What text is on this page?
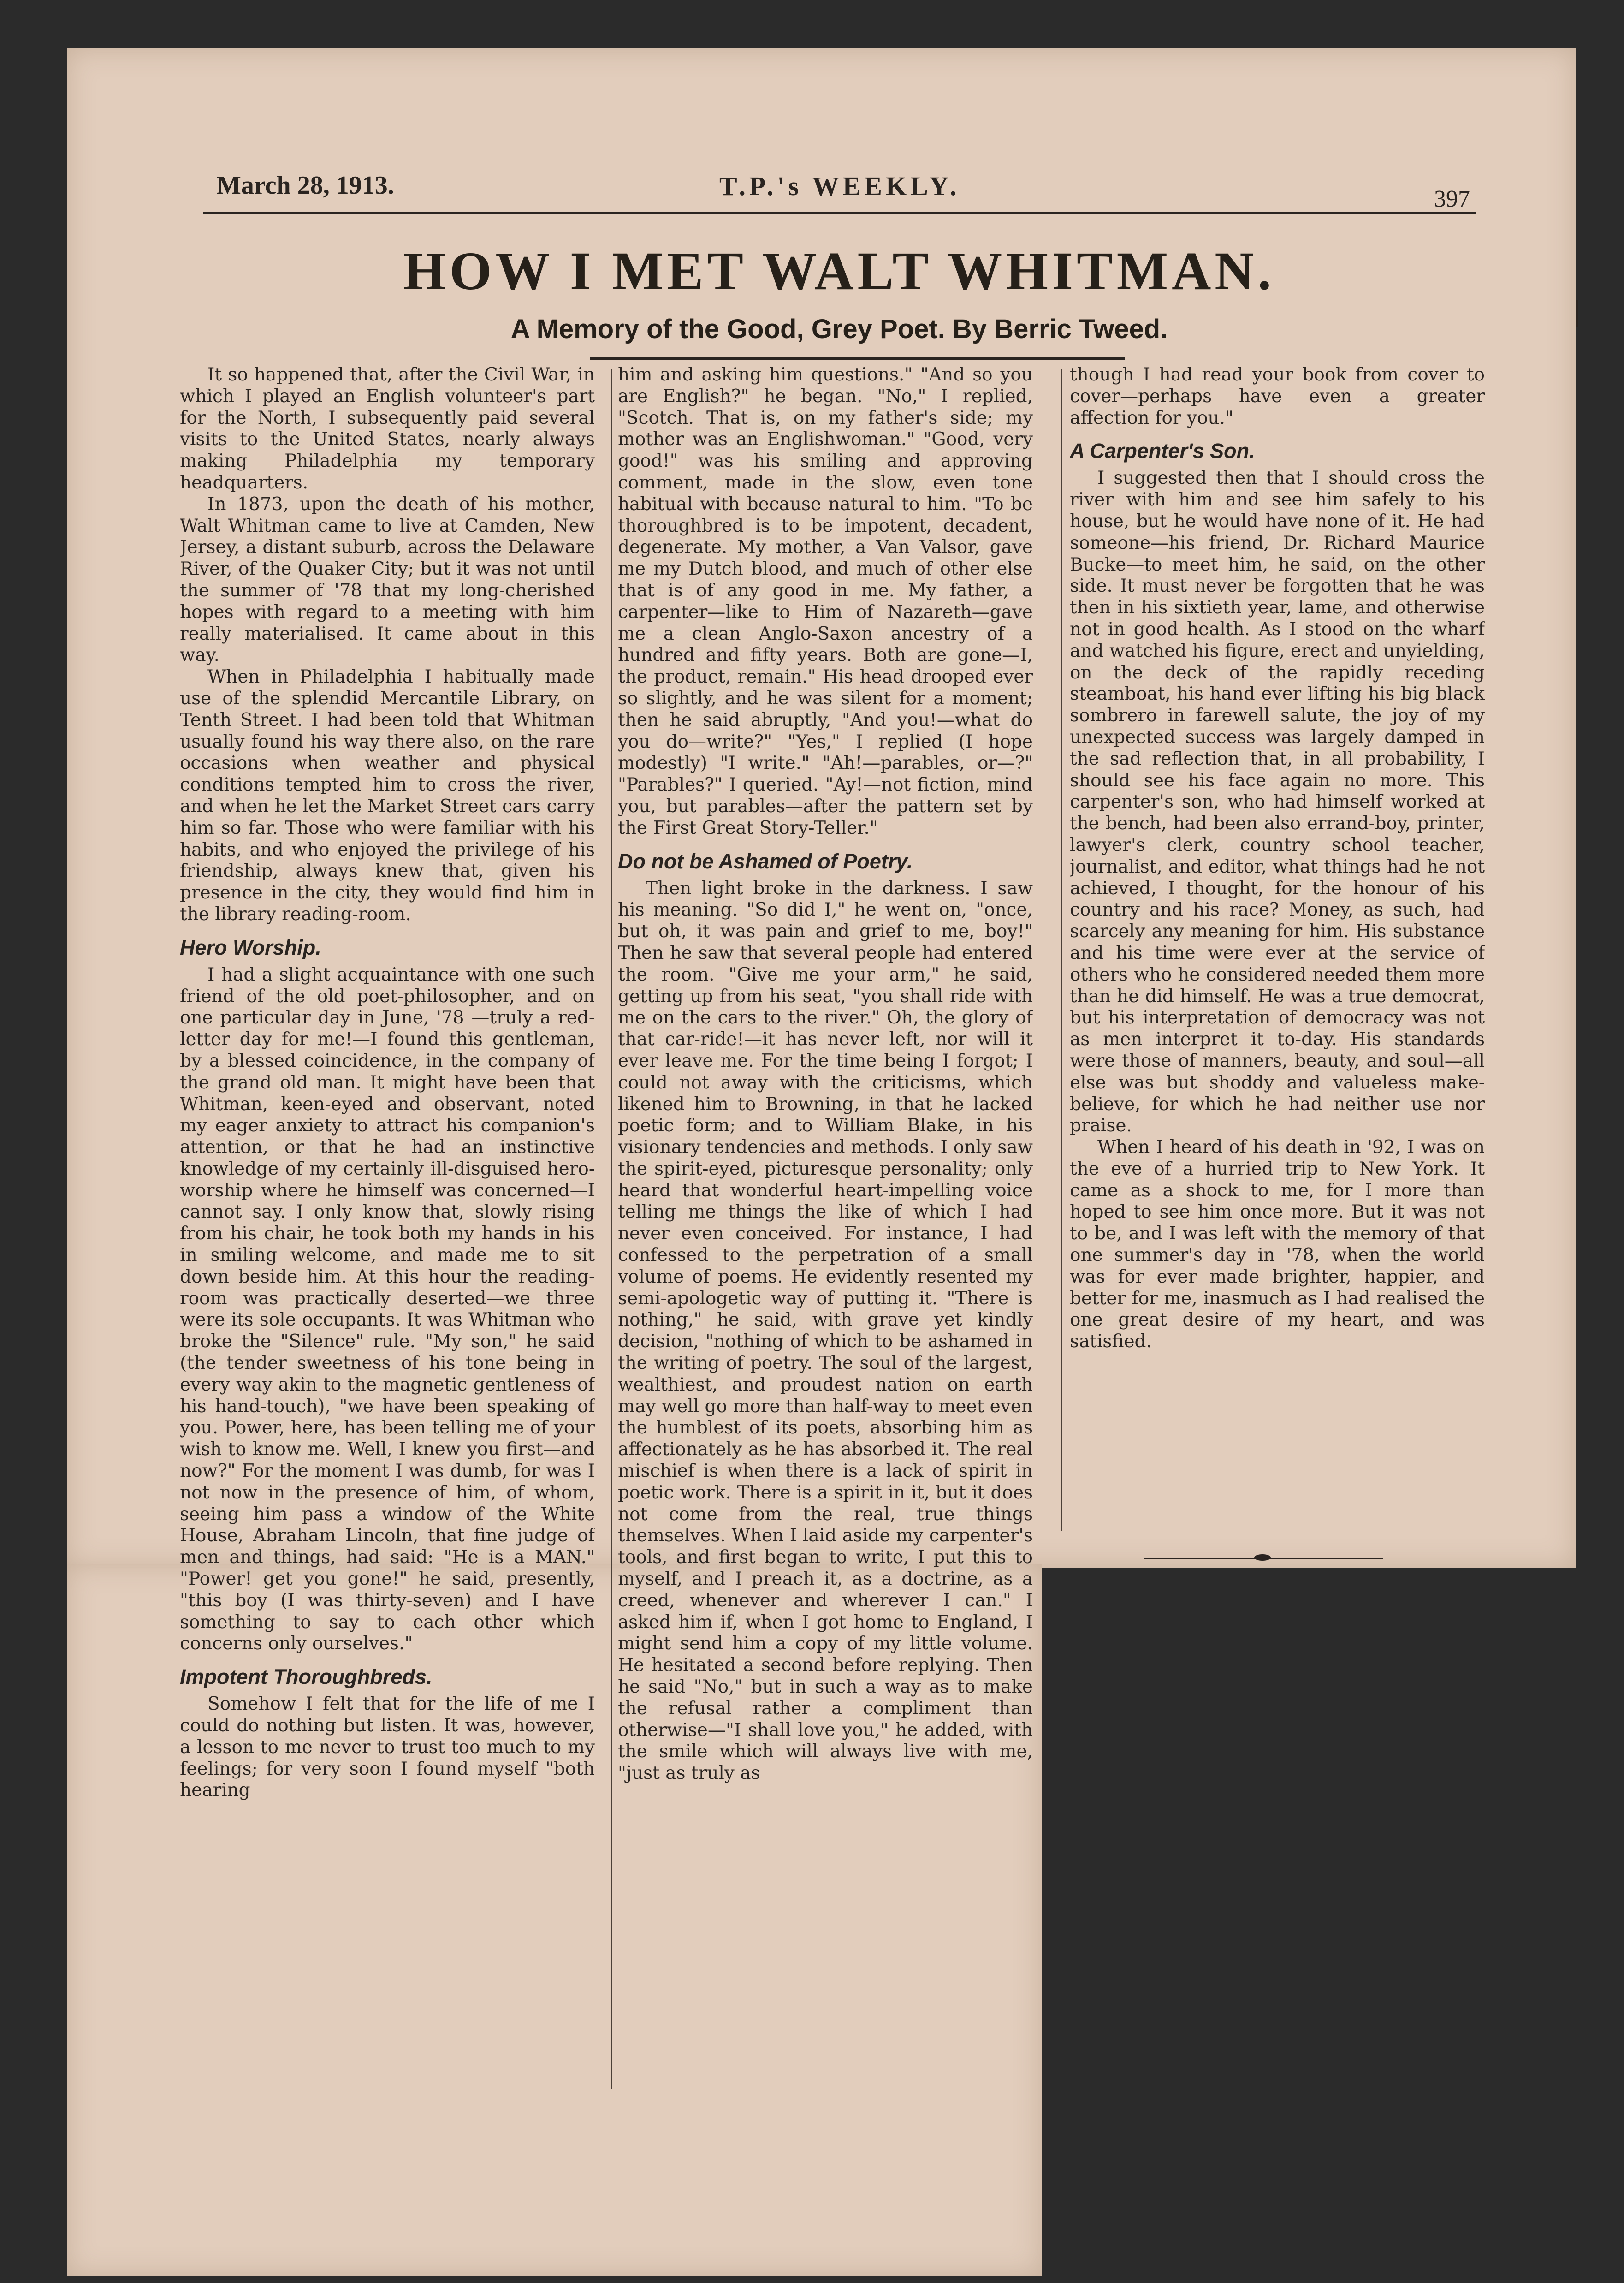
March 28, 1913.	T.P.'s WEEKLY.	397
HOW I MET WALT WHITMAN.
A Memory of the Good, Grey Poet. By Berric Tweed.

It so happened that, after the Civil War, in which I played an English volunteer's part for the North, I subsequently paid several visits to the United States, nearly always making Philadelphia my temporary headquarters.

In 1873, upon the death of his mother, Walt Whitman came to live at Camden, New Jersey, a distant suburb, across the Delaware River, of the Quaker City; but it was not until the summer of '78 that my long-cherished hopes with regard to a meeting with him really materialised. It came about in this way.

When in Philadelphia I habitually made use of the splendid Mercantile Library, on Tenth Street. I had been told that Whitman usually found his way there also, on the rare occasions when weather and physical conditions tempted him to cross the river, and when he let the Market Street cars carry him so far. Those who were familiar with his habits, and who enjoyed the privilege of his friendship, always knew that, given his presence in the city, they would find him in the library reading-room.

Hero Worship.

I had a slight acquaintance with one such friend of the old poet-philosopher, and on one particular day in June, '78 —truly a red-letter day for me!—I found this gentleman, by a blessed coincidence, in the company of the grand old man. It might have been that Whitman, keen-eyed and observant, noted my eager anxiety to attract his companion's attention, or that he had an instinctive knowledge of my certainly ill-disguised hero-worship where he himself was concerned—I cannot say. I only know that, slowly rising from his chair, he took both my hands in his in smiling welcome, and made me to sit down beside him. At this hour the reading-room was practically deserted—we three were its sole occupants. It was Whitman who broke the "Silence" rule. "My son," he said (the tender sweetness of his tone being in every way akin to the magnetic gentleness of his hand-touch), "we have been speaking of you. Power, here, has been telling me of your wish to know me. Well, I knew you first—and now?" For the moment I was dumb, for was I not now in the presence of him, of whom, seeing him pass a window of the White House, Abraham Lincoln, that fine judge of men and things, had said: "He is a MAN." "Power! get you gone!" he said, presently, "this boy (I was thirty-seven) and I have something to say to each other which concerns only ourselves."

Impotent Thoroughbreds.

Somehow I felt that for the life of me I could do nothing but listen. It was, however, a lesson to me never to trust too much to my feelings; for very soon I found myself "both hearing

him and asking him questions." "And so you are English?" he began. "No," I replied, "Scotch. That is, on my father's side; my mother was an Englishwoman." "Good, very good!" was his smiling and approving comment, made in the slow, even tone habitual with because natural to him. "To be thoroughbred is to be impotent, decadent, degenerate. My mother, a Van Valsor, gave me my Dutch blood, and much of other else that is of any good in me. My father, a carpenter—like to Him of Nazareth—gave me a clean Anglo-Saxon ancestry of a hundred and fifty years. Both are gone—I, the product, remain." His head drooped ever so slightly, and he was silent for a moment; then he said abruptly, "And you!—what do you do—write?" "Yes," I replied (I hope modestly) "I write." "Ah!—parables, or—?" "Parables?" I queried. "Ay!—not fiction, mind you, but parables—after the pattern set by the First Great Story-Teller."

Do not be Ashamed of Poetry.

Then light broke in the darkness. I saw his meaning. "So did I," he went on, "once, but oh, it was pain and grief to me, boy!" Then he saw that several people had entered the room. "Give me your arm," he said, getting up from his seat, "you shall ride with me on the cars to the river." Oh, the glory of that car-ride!—it has never left, nor will it ever leave me. For the time being I forgot; I could not away with the criticisms, which likened him to Browning, in that he lacked poetic form; and to William Blake, in his visionary tendencies and methods. I only saw the spirit-eyed, picturesque personality; only heard that wonderful heart-impelling voice telling me things the like of which I had never even conceived. For instance, I had confessed to the perpetration of a small volume of poems. He evidently resented my semi-apologetic way of putting it. "There is nothing," he said, with grave yet kindly decision, "nothing of which to be ashamed in the writing of poetry. The soul of the largest, wealthiest, and proudest nation on earth may well go more than half-way to meet even the humblest of its poets, absorbing him as affectionately as he has absorbed it. The real mischief is when there is a lack of spirit in poetic work. There is a spirit in it, but it does not come from the real, true things themselves. When I laid aside my carpenter's tools, and first began to write, I put this to myself, and I preach it, as a doctrine, as a creed, whenever and wherever I can." I asked him if, when I got home to England, I might send him a copy of my little volume. He hesitated a second before replying. Then he said "No," but in such a way as to make the refusal rather a compliment than otherwise—"I shall love you," he added, with the smile which will always live with me, "just as truly as

though I had read your book from cover to cover—perhaps have even a greater affection for you."

A Carpenter's Son.

I suggested then that I should cross the river with him and see him safely to his house, but he would have none of it. He had someone—his friend, Dr. Richard Maurice Bucke—to meet him, he said, on the other side. It must never be forgotten that he was then in his sixtieth year, lame, and otherwise not in good health. As I stood on the wharf and watched his figure, erect and unyielding, on the deck of the rapidly receding steamboat, his hand ever lifting his big black sombrero in farewell salute, the joy of my unexpected success was largely damped in the sad reflection that, in all probability, I should see his face again no more. This carpenter's son, who had himself worked at the bench, had been also errand-boy, printer, lawyer's clerk, country school teacher, journalist, and editor, what things had he not achieved, I thought, for the honour of his country and his race? Money, as such, had scarcely any meaning for him. His substance and his time were ever at the service of others who he considered needed them more than he did himself. He was a true democrat, but his interpretation of democracy was not as men interpret it to-day. His standards were those of manners, beauty, and soul—all else was but shoddy and valueless make-believe, for which he had neither use nor praise.

When I heard of his death in '92, I was on the eve of a hurried trip to New York. It came as a shock to me, for I more than hoped to see him once more. But it was not to be, and I was left with the memory of that one summer's day in '78, when the world was for ever made brighter, happier, and better for me, inasmuch as I had realised the one great desire of my heart, and was satisfied.
